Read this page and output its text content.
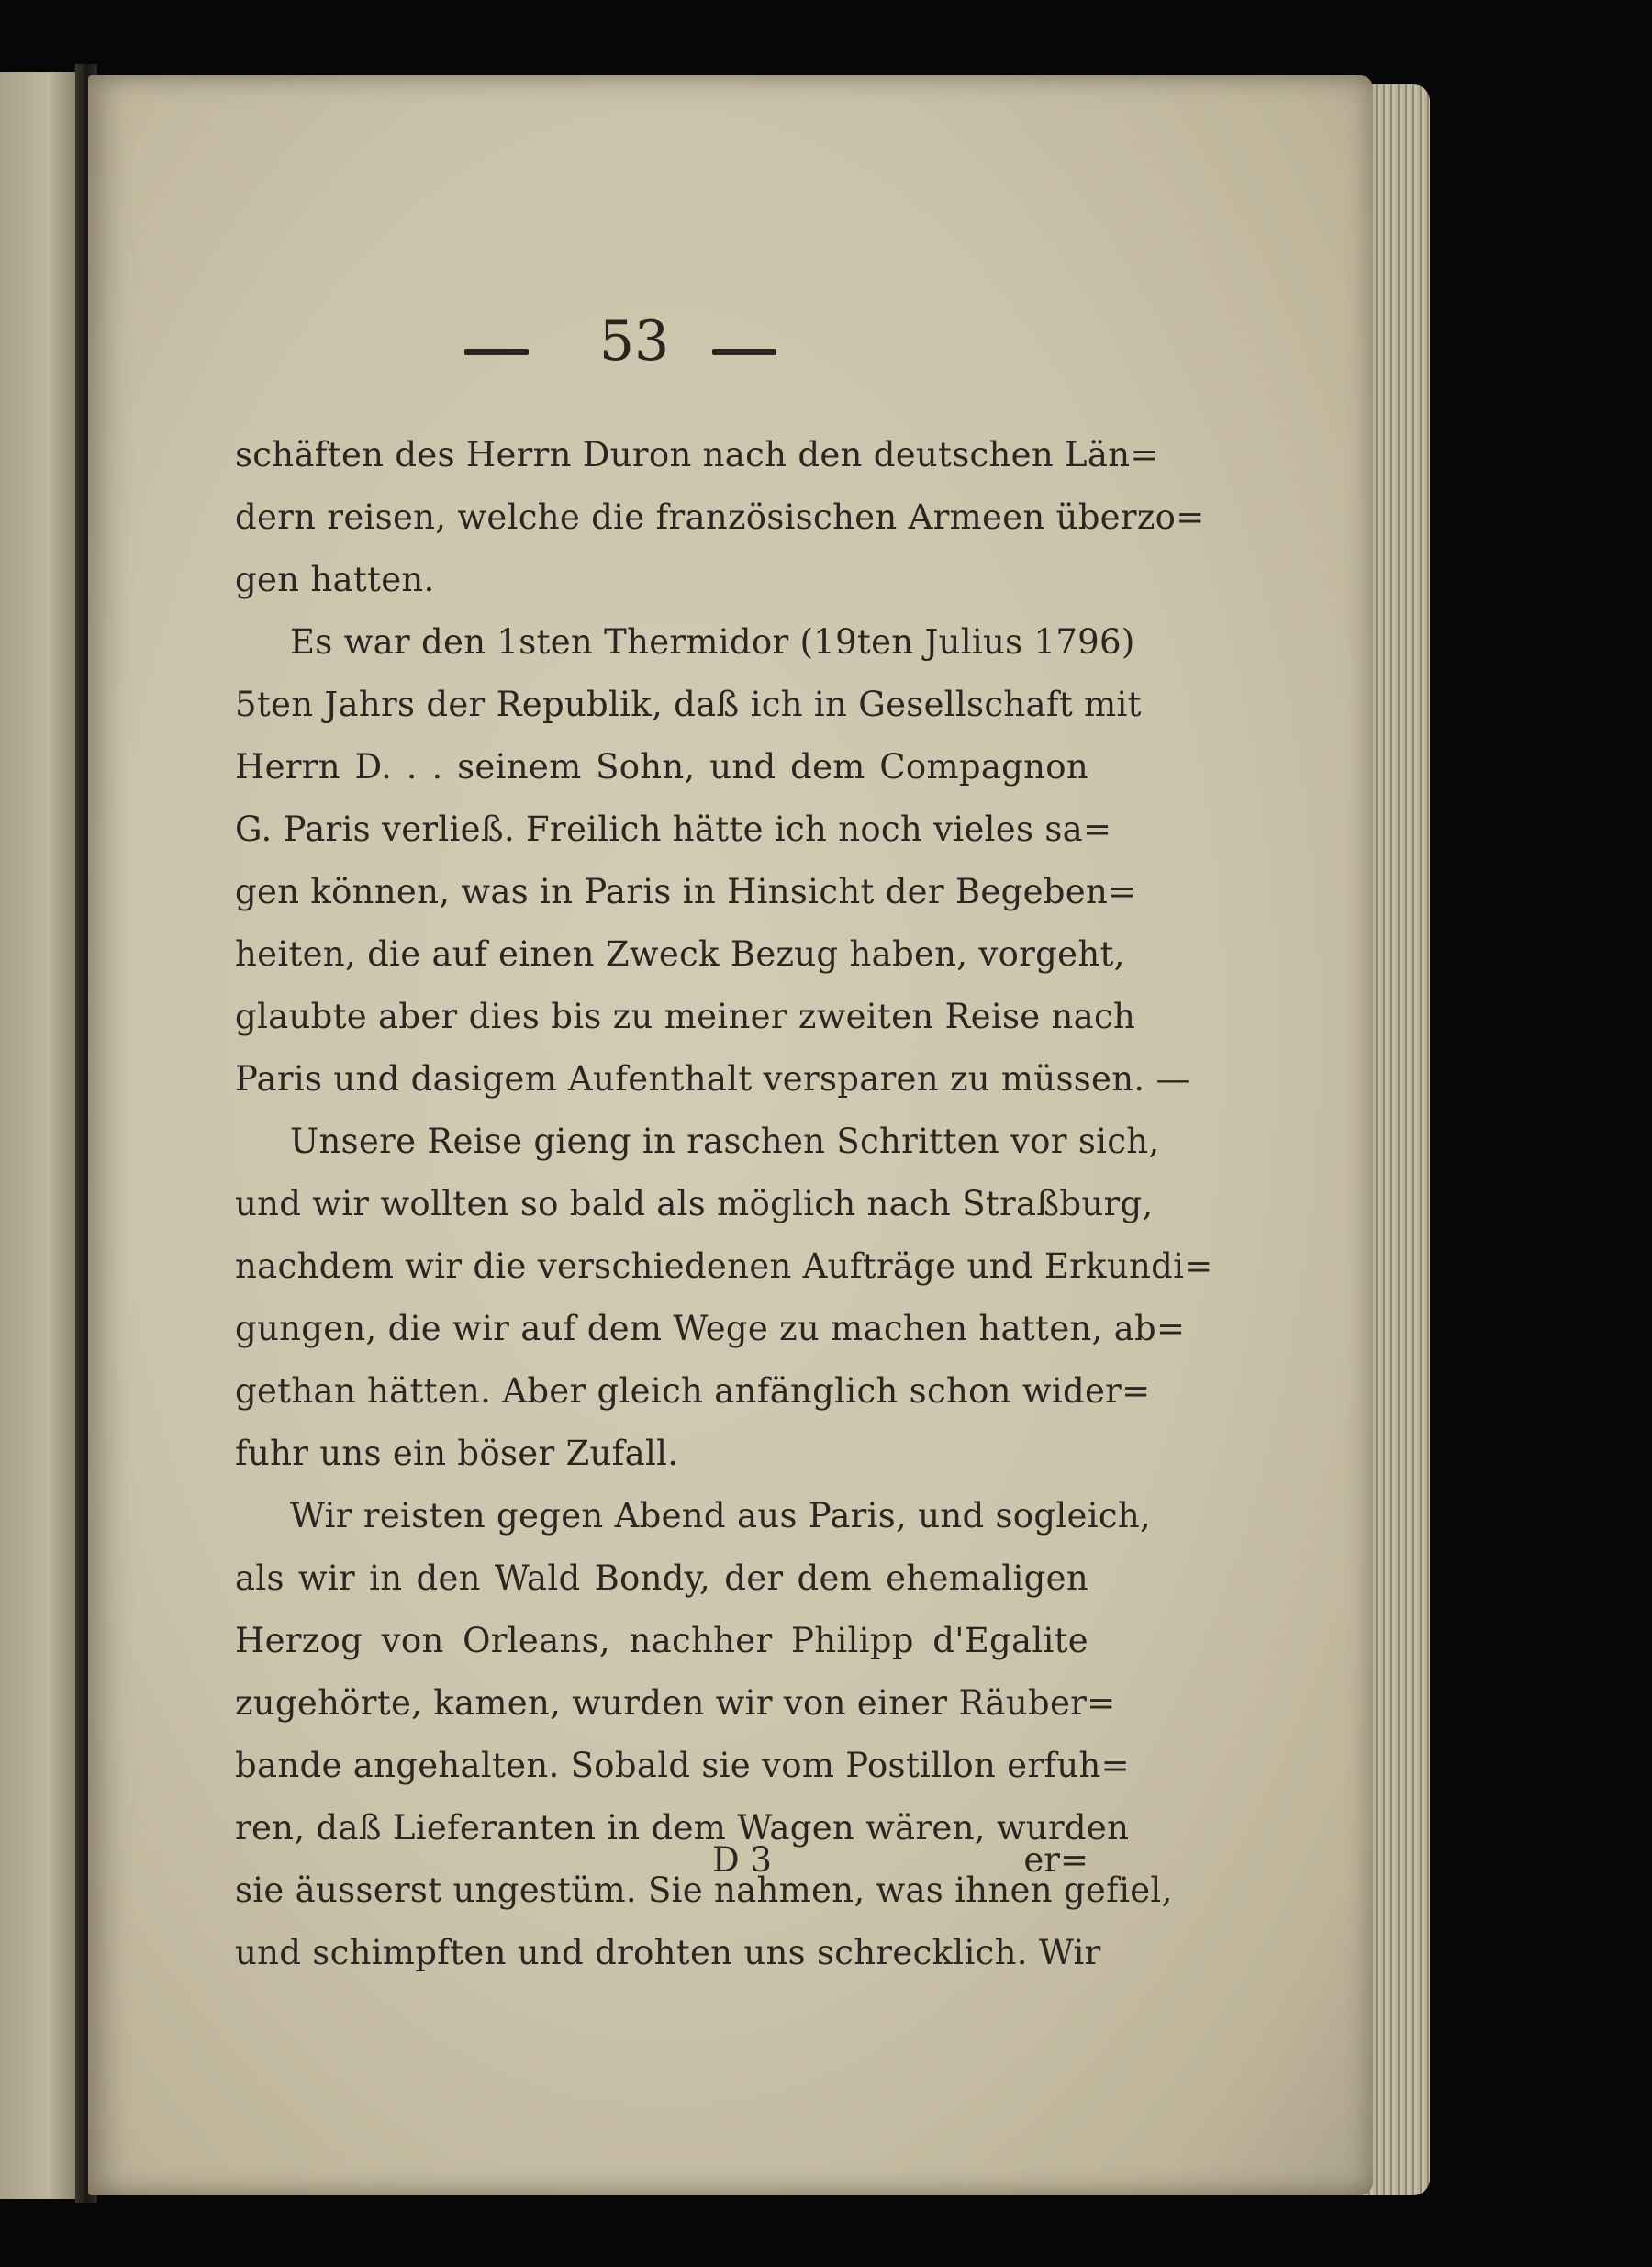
53
schäften des Herrn Duron nach den deutschen Län=
dern reisen, welche die französischen Armeen überzo=
gen hatten.
Es war den 1sten Thermidor (19ten Julius 1796)
5ten Jahrs der Republik, daß ich in Gesellschaft mit
Herrn D. . . seinem Sohn, und dem Compagnon
G. Paris verließ. Freilich hätte ich noch vieles sa=
gen können, was in Paris in Hinsicht der Begeben=
heiten, die auf einen Zweck Bezug haben, vorgeht,
glaubte aber dies bis zu meiner zweiten Reise nach
Paris und dasigem Aufenthalt versparen zu müssen. —
Unsere Reise gieng in raschen Schritten vor sich,
und wir wollten so bald als möglich nach Straßburg,
nachdem wir die verschiedenen Aufträge und Erkundi=
gungen, die wir auf dem Wege zu machen hatten, ab=
gethan hätten. Aber gleich anfänglich schon wider=
fuhr uns ein böser Zufall.
Wir reisten gegen Abend aus Paris, und sogleich,
als wir in den Wald Bondy, der dem ehemaligen
Herzog von Orleans, nachher Philipp d'Egalite
zugehörte, kamen, wurden wir von einer Räuber=
bande angehalten. Sobald sie vom Postillon erfuh=
ren, daß Lieferanten in dem Wagen wären, wurden
sie äusserst ungestüm. Sie nahmen, was ihnen gefiel,
und schimpften und drohten uns schrecklich. Wir
D 3	er=
